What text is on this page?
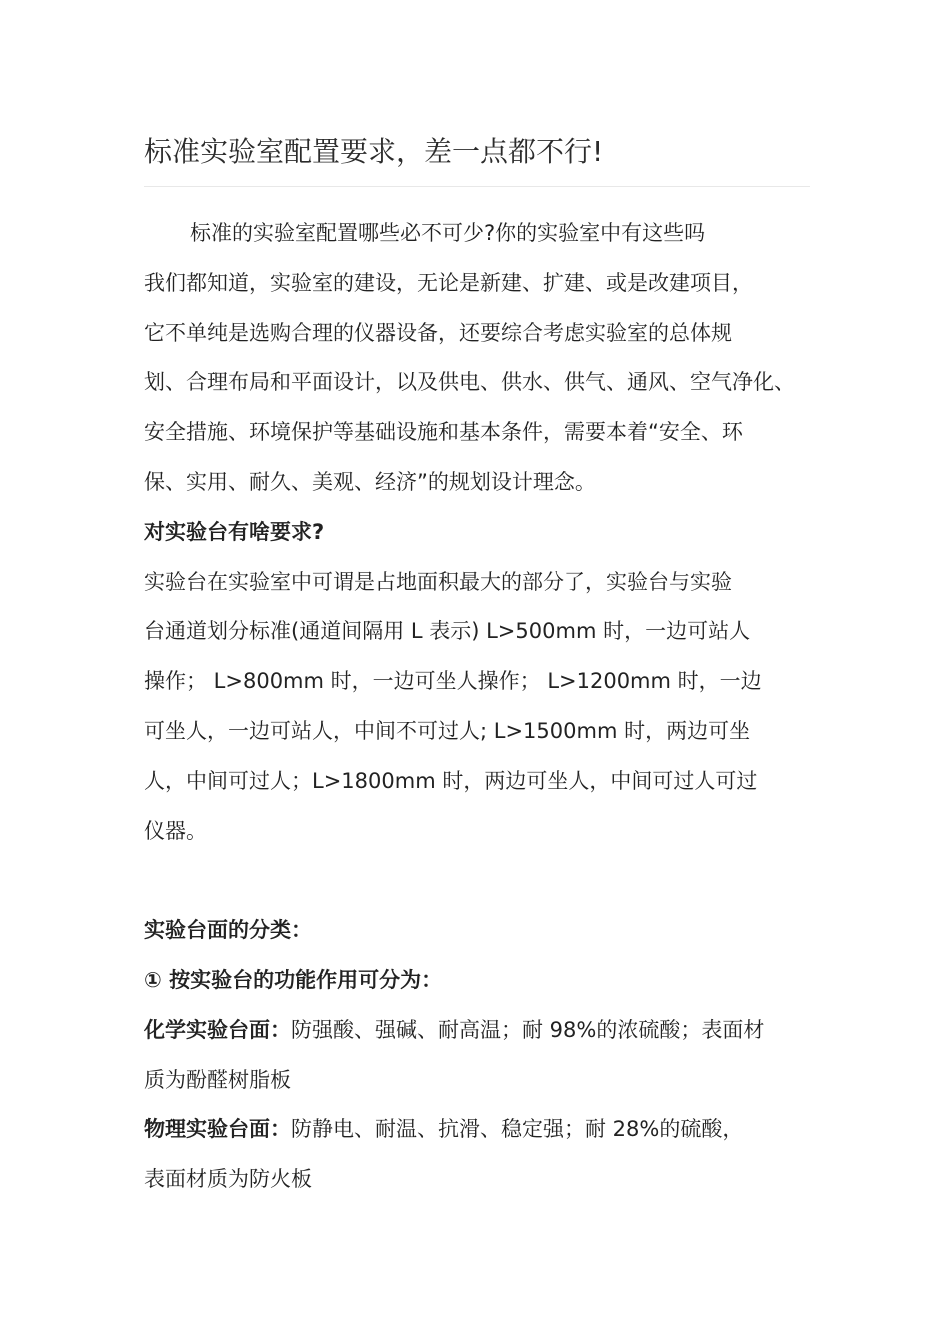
标准实验室配置要求，差一点都不行!

标准的实验室配置哪些必不可少?你的实验室中有这些吗

我们都知道，实验室的建设，无论是新建、扩建、或是改建项目，

它不单纯是选购合理的仪器设备，还要综合考虑实验室的总体规

划、合理布局和平面设计，以及供电、供水、供气、通风、空气净化、

安全措施、环境保护等基础设施和基本条件，需要本着“安全、环

保、实用、耐久、美观、经济”的规划设计理念。

对实验台有啥要求?

实验台在实验室中可谓是占地面积最大的部分了，实验台与实验

台通道划分标准(通道间隔用 L 表示) L>500mm 时，一边可站人

操作； L>800mm 时，一边可坐人操作； L>1200mm 时，一边

可坐人，一边可站人，中间不可过人; L>1500mm 时，两边可坐

人，中间可过人；L>1800mm 时，两边可坐人，中间可过人可过

仪器。

实验台面的分类：

① 按实验台的功能作用可分为：

化学实验台面：防强酸、强碱、耐高温；耐 98%的浓硫酸；表面材

质为酚醛树脂板

物理实验台面：防静电、耐温、抗滑、稳定强；耐 28%的硫酸，

表面材质为防火板
